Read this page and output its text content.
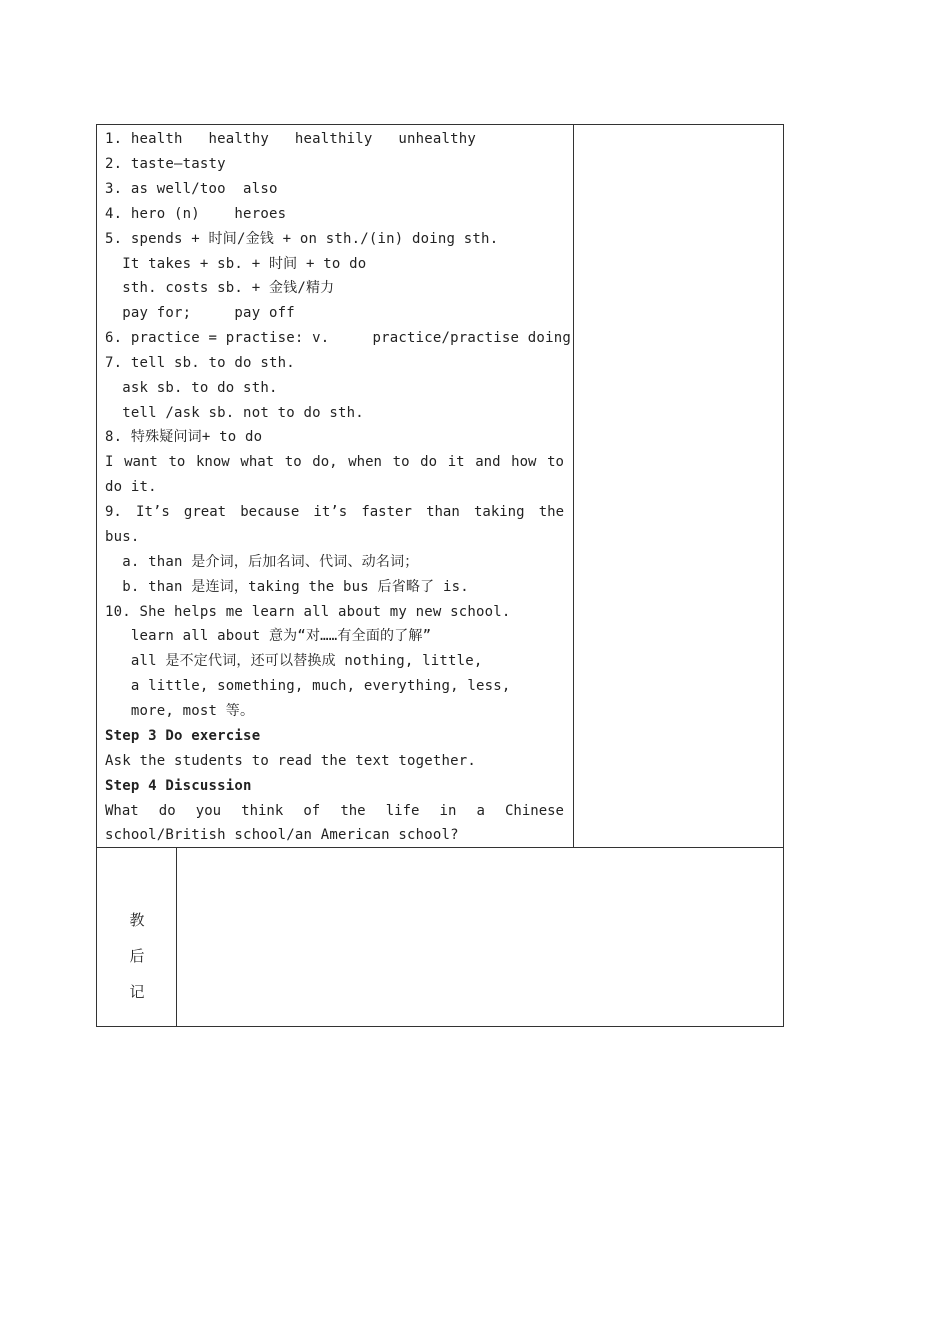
1. health   healthy   healthily   unhealthy
2. taste—tasty
3. as well/too  also
4. hero (n)    heroes
5. spends + 时间/金钱 + on sth./(in) doing sth.
It takes + sb. + 时间 + to do
sth. costs sb. + 金钱/精力
pay for;     pay off
6. practice = practise: v.     practice/practise doing
7. tell sb. to do sth.
ask sb. to do sth.
tell /ask sb. not to do sth.
8. 特殊疑问词+ to do
I want to know what to do, when to do it and how to
do it.
9. It’s great because it’s faster than taking the
bus.
a. than 是介词，后加名词、代词、动名词；
b. than 是连词，taking the bus 后省略了 is.
10. She helps me learn all about my new school.
learn all about 意为“对……有全面的了解”
all 是不定代词，还可以替换成 nothing, little,
a little, something, much, everything, less,
more, most 等。
Step 3 Do exercise
Ask the students to read the text together.
Step 4 Discussion
What do you think of the life in a Chinese
school/British school/an American school?
教
后
记
